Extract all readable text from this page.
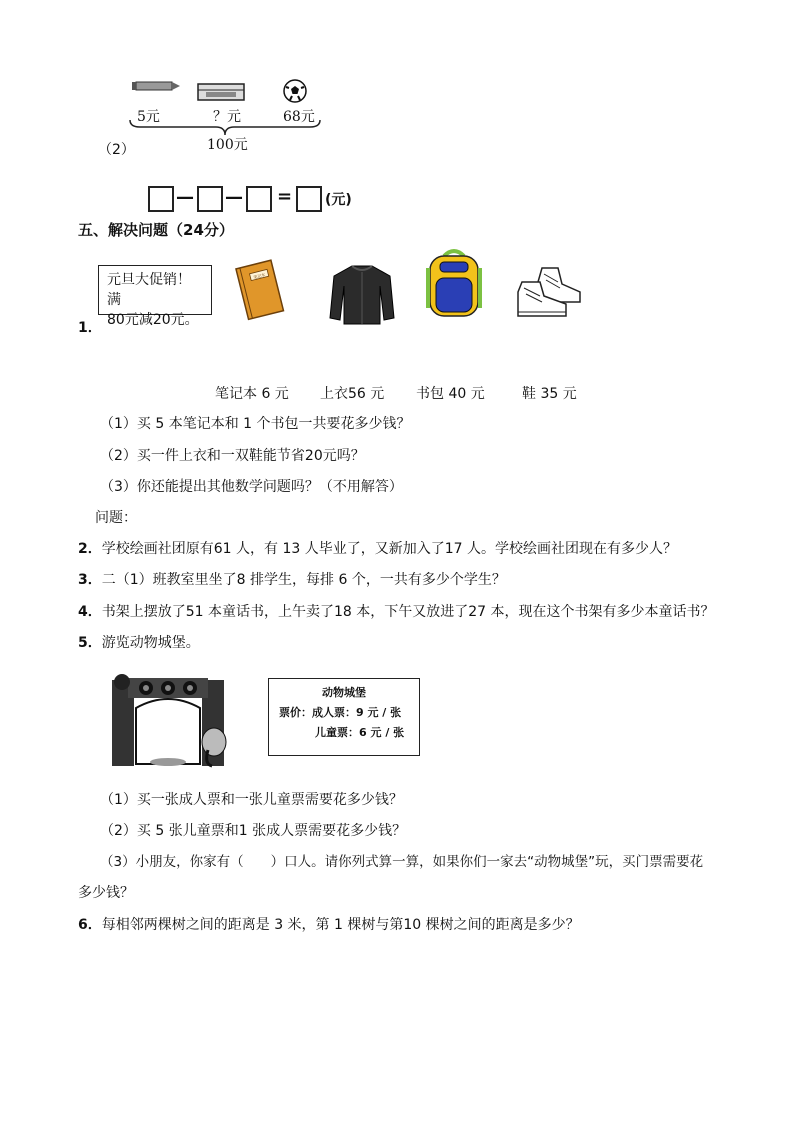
5元	？元	68元
100元
（2）
— — = (元)
五、解决问题（24分）
元旦大促销！满
80元减20元。
1．
笔记本
笔记本 6 元 上衣56 元 书包 40 元	鞋 35 元
（1）买 5 本笔记本和 1 个书包一共要花多少钱？
（2）买一件上衣和一双鞋能节省20元吗？
（3）你还能提出其他数学问题吗？（不用解答）
问题：
2．学校绘画社团原有61 人，有 13 人毕业了，又新加入了17 人。学校绘画社团现在有多少人？
3．二（1）班教室里坐了8 排学生，每排 6 个，一共有多少个学生？
4．书架上摆放了51 本童话书，上午卖了18 本，下午又放进了27 本，现在这个书架有多少本童话书？
5．游览动物城堡。
动物城堡
票价：成人票：9 元 / 张
儿童票：6 元 / 张
（1）买一张成人票和一张儿童票需要花多少钱？
（2）买 5 张儿童票和1 张成人票需要花多少钱？
（3）小朋友，你家有（　　）口人。请你列式算一算，如果你们一家去“动物城堡”玩，买门票需要花
多少钱？
6．每相邻两棵树之间的距离是 3 米，第 1 棵树与第10 棵树之间的距离是多少？
